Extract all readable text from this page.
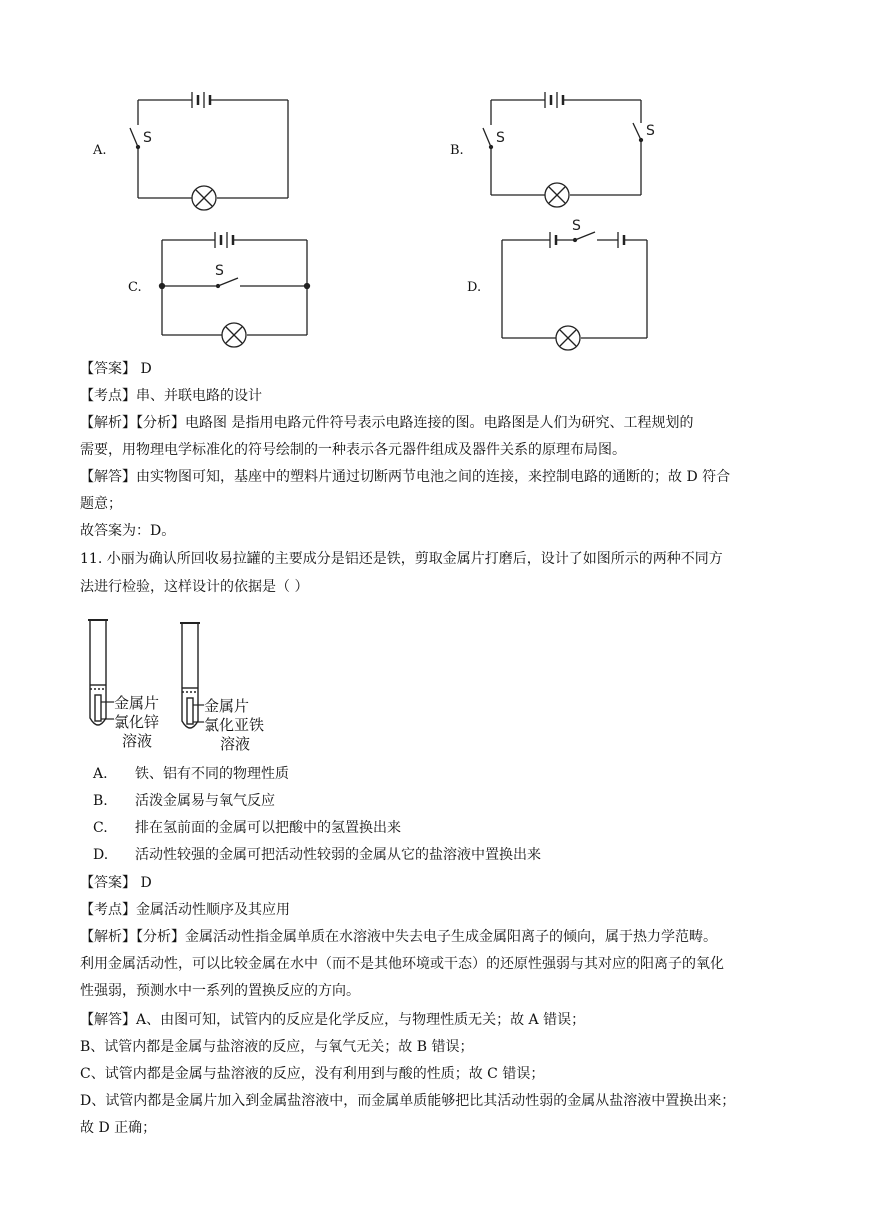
A.
S
B.
S
S
C.
S
D.
S
【答案】 D
【考点】串、并联电路的设计
【解析】【分析】电路图 是指用电路元件符号表示电路连接的图。电路图是人们为研究、工程规划的
需要，用物理电学标准化的符号绘制的一种表示各元器件组成及器件关系的原理布局图。
【解答】由实物图可知，基座中的塑料片通过切断两节电池之间的连接，来控制电路的通断的；故 D 符合
题意；
故答案为：D。
11. 小丽为确认所回收易拉罐的主要成分是铝还是铁，剪取金属片打磨后，设计了如图所示的两种不同方
法进行检验，这样设计的依据是（ ）
金属片
氯化锌
溶液
金属片
氯化亚铁
溶液
A. 铁、铝有不同的物理性质
B. 活泼金属易与氧气反应
C. 排在氢前面的金属可以把酸中的氢置换出来
D. 活动性较强的金属可把活动性较弱的金属从它的盐溶液中置换出来
【答案】 D
【考点】金属活动性顺序及其应用
【解析】【分析】金属活动性指金属单质在水溶液中失去电子生成金属阳离子的倾向，属于热力学范畴。
利用金属活动性，可以比较金属在水中（而不是其他环境或干态）的还原性强弱与其对应的阳离子的氧化
性强弱，预测水中一系列的置换反应的方向。
【解答】A、由图可知，试管内的反应是化学反应，与物理性质无关；故 A 错误；
B、试管内都是金属与盐溶液的反应，与氧气无关；故 B 错误；
C、试管内都是金属与盐溶液的反应，没有利用到与酸的性质；故 C 错误；
D、试管内都是金属片加入到金属盐溶液中，而金属单质能够把比其活动性弱的金属从盐溶液中置换出来；
故 D 正确；
